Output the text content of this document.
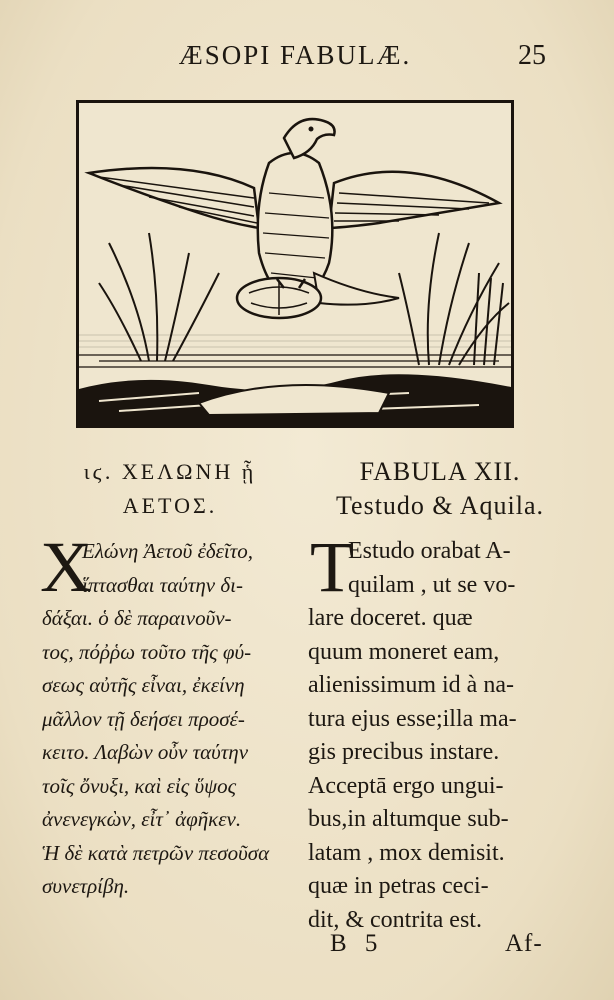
ÆSOPI FABULÆ.	25
ιϛ. ΧΕΛΩΝΗ ᾗ
ΑΕΤΟΣ.
FABULA XII.
Testudo & Aquila.
Χ
Ελώνη Ἀετοῦ ἐδεῖτο,
ἵπτασθαι ταύτην δι-
δάξαι. ὁ δὲ παραινοῦν-
τος, πόῤῥω τοῦτο τῆς φύ-
σεως αὐτῆς εἶναι, ἐκείνη
μᾶλλον τῇ δεήσει προσέ-
κειτο. Λαβὼν οὖν ταύτην
τοῖς ὄνυξι, καὶ εἰς ὕψος
ἀνενεγκὼν, εἶτ᾿ ἀφῆκεν.
Ἡ δὲ κατὰ πετρῶν πεσοῦσα
συνετρίβη.
T
Estudo orabat A-
quilam , ut se vo-
lare doceret. quæ
quum moneret eam,
alienissimum id à na-
tura ejus esse;illa ma-
gis precibus instare.
Acceptā ergo ungui-
bus,in altumque sub-
latam , mox demisit.
quæ in petras ceci-
dit, & contrita est.
B 5	Af-
